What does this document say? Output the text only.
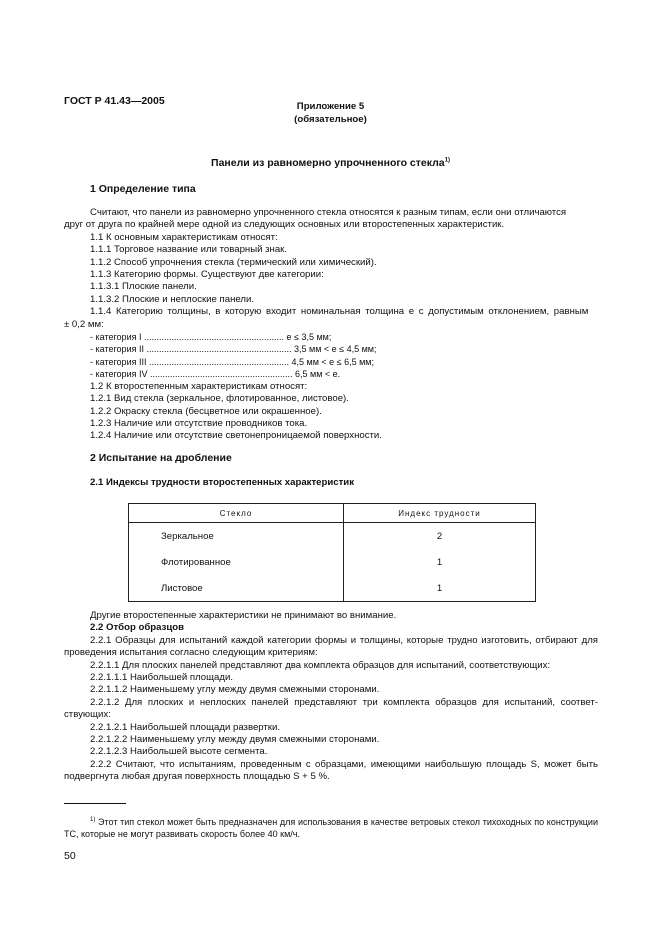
ГОСТ Р 41.43—2005	Приложение 5
(обязательное)
Панели из равномерно упрочненного стекла$^{1)}$
1 Определение типа
Считают, что панели из равномерно упрочненного стекла относятся к разным типам, если они отличаются
друг от друга по крайней мере одной из следующих основных или второстепенных характеристик.
1.1 К основным характеристикам относят:
1.1.1 Торговое название или товарный знак.
1.1.2 Способ упрочнения стекла (термический или химический).
1.1.3 Категорию формы. Существуют две категории:
1.1.3.1 Плоские панели.
1.1.3.2 Плоские и неплоские панели.
1.1.4 Категорию толщины, в которую входит номинальная толщина e с допустимым отклонением, равным
± 0,2 мм:
- категория I ........................................................ e ≤ 3,5 мм;
- категория II .......................................................... 3,5 мм < e ≤ 4,5 мм;
- категория III ........................................................ 4,5 мм < e ≤ 6,5 мм;
- категория IV ......................................................... 6,5 мм < e.
1.2 К второстепенным характеристикам относят:
1.2.1 Вид стекла (зеркальное, флотированное, листовое).
1.2.2 Окраску стекла (бесцветное или окрашенное).
1.2.3 Наличие или отсутствие проводников тока.
1.2.4 Наличие или отсутствие светонепроницаемой поверхности.
2 Испытание на дробление
2.1 Индексы трудности второстепенных характеристик
Стекло	Индекс трудности
Зеркальное	2
Флотированное	1
Листовое	1
Другие второстепенные характеристики не принимают во внимание.
2.2 Отбор образцов
2.2.1 Образцы для испытаний каждой категории формы и толщины, которые трудно изготовить, отбирают для проведения испытания согласно следующим критериям:
2.2.1.1 Для плоских панелей представляют два комплекта образцов для испытаний, соответствующих:
2.2.1.1.1 Наибольшей площади.
2.2.1.1.2 Наименьшему углу между двумя смежными сторонами.
2.2.1.2 Для плоских и неплоских панелей представляют три комплекта образцов для испытаний, соответ-ствующих:
2.2.1.2.1 Наибольшей площади развертки.
2.2.1.2.2 Наименьшему углу между двумя смежными сторонами.
2.2.1.2.3 Наибольшей высоте сегмента.
2.2.2 Считают, что испытаниям, проведенным с образцами, имеющими наибольшую площадь S, может быть подвергнута любая другая поверхность площадью S + 5 %.
$^{1)}$ Этот тип стекол может быть предназначен для использования в качестве ветровых стекол тихоходных по конструкции ТС, которые не могут развивать скорость более 40 км/ч.
50
